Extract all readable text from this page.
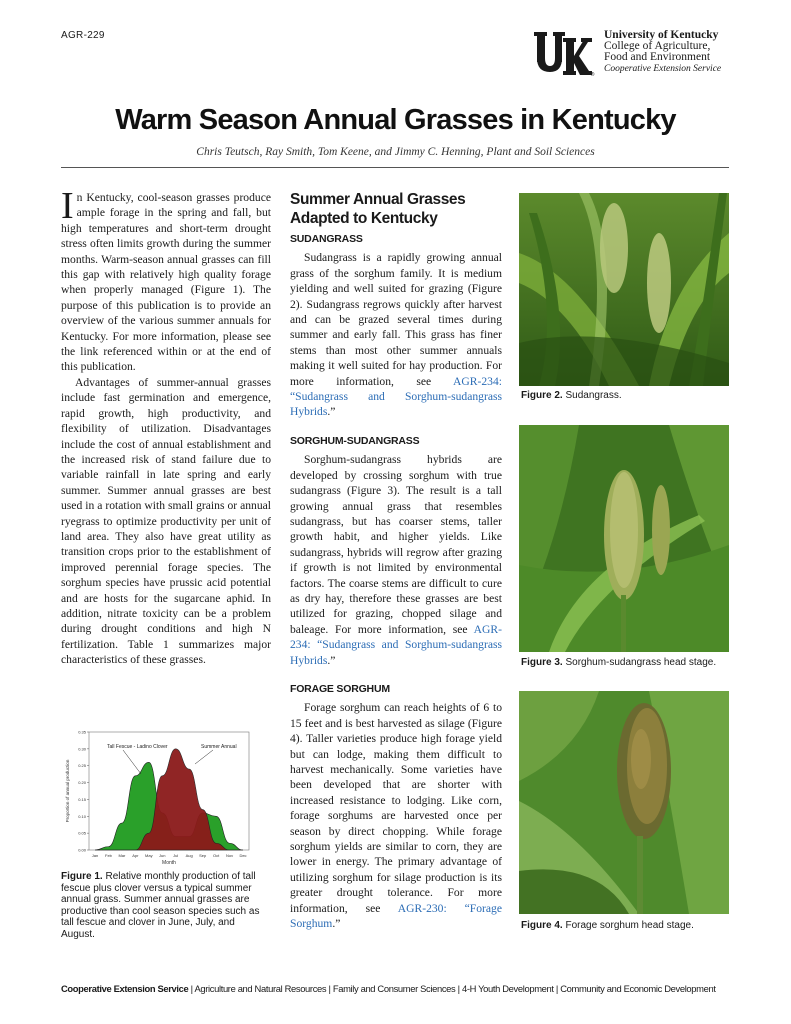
AGR-229
®
University of Kentucky
College of Agriculture,
Food and Environment
Cooperative Extension Service
Warm Season Annual Grasses in Kentucky
Chris Teutsch, Ray Smith, Tom Keene, and Jimmy C. Henning, Plant and Soil Sciences

In Kentucky, cool-season grasses produce ample forage in the spring and fall, but high temperatures and short-term drought stress often limits growth during the summer months. Warm-season annual grasses can fill this gap with relatively high quality forage when properly managed (Figure 1). The purpose of this publication is to provide an overview of the various summer annuals for Kentucky. For more information, please see the link referenced within or at the end of this publication.

Advantages of summer-annual grasses include fast germination and emergence, rapid growth, high productivity, and flexibility of utilization. Disadvantages include the cost of annual establishment and the increased risk of stand failure due to variable rainfall in late spring and early summer. Summer annual grasses are best used in a rotation with small grains or annual ryegrass to optimize productivity per unit of land area. They also have great utility as transition crops prior to the establishment of improved perennial forage species. The sorghum species have prussic acid potential and are hosts for the sugarcane aphid. In addition, nitrate toxicity can be a problem during drought conditions and high N fertilization. Table 1 summarizes major characteristics of these grasses.

0.00
0.05
0.10
0.15
0.20
0.25
0.30
0.35
Jan Feb Mar Apr May Jun Jul Aug Sep Oct Nov Dec
Month
Proportion of annual production
Tall Fescue - Ladino Clover	Summer Annual
Figure 1. Relative monthly production of tall fescue plus clover versus a typical summer annual grass. Summer annual grasses are productive than cool season species such as tall fescue and clover in June, July, and August.
Summer Annual Grasses
Adapted to Kentucky
SUDANGRASS

Sudangrass is a rapidly growing annual grass of the sorghum family. It is medium yielding and well suited for grazing (Figure 2). Sudangrass regrows quickly after harvest and can be grazed several times during summer and early fall. This grass has finer stems than most other summer annuals making it well suited for hay production. For more information, see AGR-234: “Sudangrass and Sorghum-sudangrass Hybrids.”

SORGHUM-SUDANGRASS

Sorghum-sudangrass hybrids are developed by crossing sorghum with true sudangrass (Figure 3). The result is a tall growing annual grass that resembles sudangrass, but has coarser stems, taller growth habit, and higher yields. Like sudangrass, hybrids will regrow after grazing if growth is not limited by environmental factors. The coarse stems are difficult to cure as dry hay, therefore these grasses are best utilized for grazing, chopped silage and baleage. For more information, see AGR-234: “Sudangrass and Sorghum-sudangrass Hybrids.”

FORAGE SORGHUM

Forage sorghum can reach heights of 6 to 15 feet and is best harvested as silage (Figure 4). Taller varieties produce high forage yield but can lodge, making them difficult to harvest mechanically. Some varieties have been developed that are shorter with increased resistance to lodging. Like corn, forage sorghums are harvested once per season by direct chopping. While forage sorghum yields are similar to corn, they are lower in energy. The primary advantage of utilizing sorghum for silage production is its greater drought tolerance. For more information, see AGR-230: “Forage Sorghum.”

Figure 2. Sudangrass.
Figure 3. Sorghum-sudangrass head stage.
Figure 4. Forage sorghum head stage.
Cooperative Extension Service | Agriculture and Natural Resources | Family and Consumer Sciences | 4-H Youth Development | Community and Economic Development
